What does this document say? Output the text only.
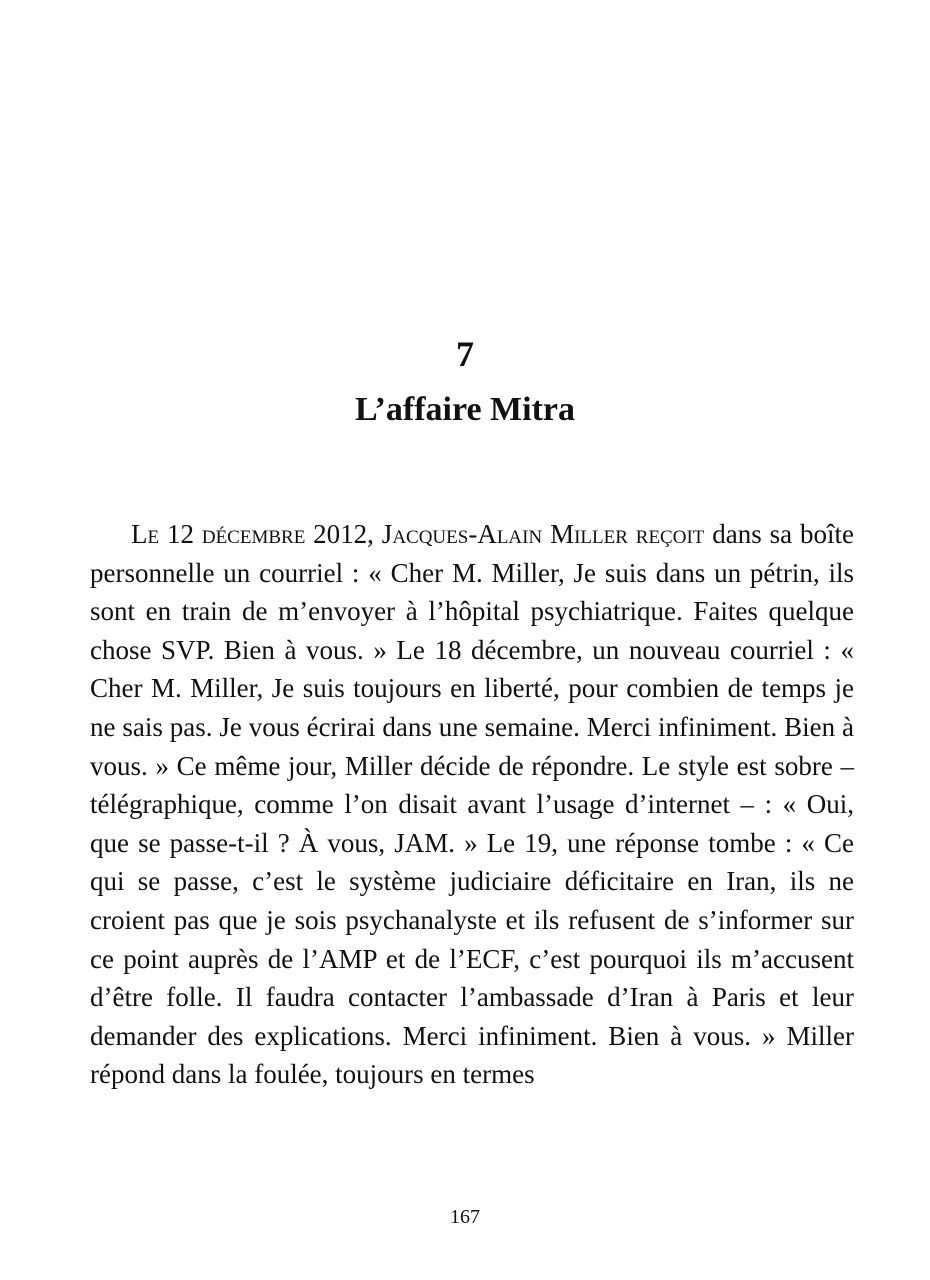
7
L’affaire Mitra

Le 12 décembre 2012, Jacques-Alain Miller reçoit dans sa boîte personnelle un courriel : « Cher M. Miller, Je suis dans un pétrin, ils sont en train de m’envoyer à l’hôpital psychiatrique. Faites quelque chose SVP. Bien à vous. » Le 18 décembre, un nouveau courriel : « Cher M. Miller, Je suis toujours en liberté, pour combien de temps je ne sais pas. Je vous écrirai dans une semaine. Merci infiniment. Bien à vous. » Ce même jour, Miller décide de répondre. Le style est sobre – télégraphique, comme l’on disait avant l’usage d’internet – : « Oui, que se passe-t-il ? À vous, JAM. » Le 19, une réponse tombe : « Ce qui se passe, c’est le système judiciaire déficitaire en Iran, ils ne croient pas que je sois psychanalyste et ils refusent de s’informer sur ce point auprès de l’AMP et de l’ECF, c’est pourquoi ils m’accusent d’être folle. Il faudra contacter l’ambassade d’Iran à Paris et leur demander des explications. Merci infiniment. Bien à vous. » Miller répond dans la foulée, toujours en termes

167
